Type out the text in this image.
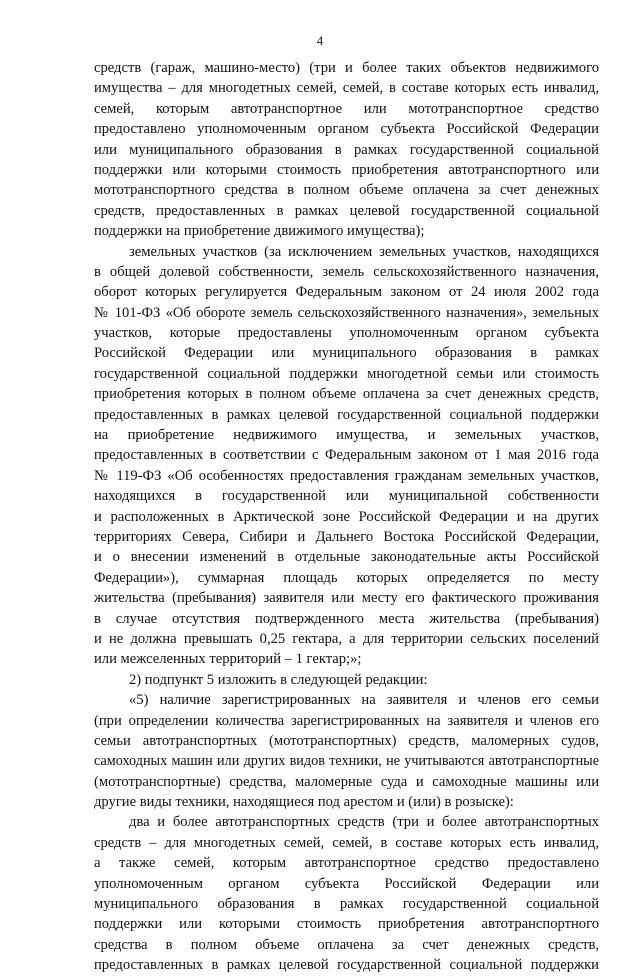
4
средств (гараж, машино-место) (три и более таких объектов недвижимого
имущества – для многодетных семей, семей, в составе которых есть инвалид,
семей, которым автотранспортное или мототранспортное средство
предоставлено уполномоченным органом субъекта Российской Федерации
или муниципального образования в рамках государственной социальной
поддержки или которыми стоимость приобретения автотранспортного или
мототранспортного средства в полном объеме оплачена за счет денежных
средств, предоставленных в рамках целевой государственной социальной
поддержки на приобретение движимого имущества);
земельных участков (за исключением земельных участков, находящихся
в общей долевой собственности, земель сельскохозяйственного назначения,
оборот которых регулируется Федеральным законом от 24 июля 2002 года
№ 101-ФЗ «Об обороте земель сельскохозяйственного назначения», земельных
участков, которые предоставлены уполномоченным органом субъекта
Российской Федерации или муниципального образования в рамках
государственной социальной поддержки многодетной семьи или стоимость
приобретения которых в полном объеме оплачена за счет денежных средств,
предоставленных в рамках целевой государственной социальной поддержки
на приобретение недвижимого имущества, и земельных участков,
предоставленных в соответствии с Федеральным законом от 1 мая 2016 года
№ 119-ФЗ «Об особенностях предоставления гражданам земельных участков,
находящихся в государственной или муниципальной собственности
и расположенных в Арктической зоне Российской Федерации и на других
территориях Севера, Сибири и Дальнего Востока Российской Федерации,
и о внесении изменений в отдельные законодательные акты Российской
Федерации»), суммарная площадь которых определяется по месту
жительства (пребывания) заявителя или месту его фактического проживания
в случае отсутствия подтвержденного места жительства (пребывания)
и не должна превышать 0,25 гектара, а для территории сельских поселений
или межселенных территорий – 1 гектар;»;
2) подпункт 5 изложить в следующей редакции:
«5) наличие зарегистрированных на заявителя и членов его семьи
(при определении количества зарегистрированных на заявителя и членов его
семьи автотранспортных (мототранспортных) средств, маломерных судов,
самоходных машин или других видов техники, не учитываются автотранспортные
(мототранспортные) средства, маломерные суда и самоходные машины или
другие виды техники, находящиеся под арестом и (или) в розыске):
два и более автотранспортных средств (три и более автотранспортных
средств – для многодетных семей, семей, в составе которых есть инвалид,
а также семей, которым автотранспортное средство предоставлено
уполномоченным органом субъекта Российской Федерации или
муниципального образования в рамках государственной социальной
поддержки или которыми стоимость приобретения автотранспортного
средства в полном объеме оплачена за счет денежных средств,
предоставленных в рамках целевой государственной социальной поддержки
